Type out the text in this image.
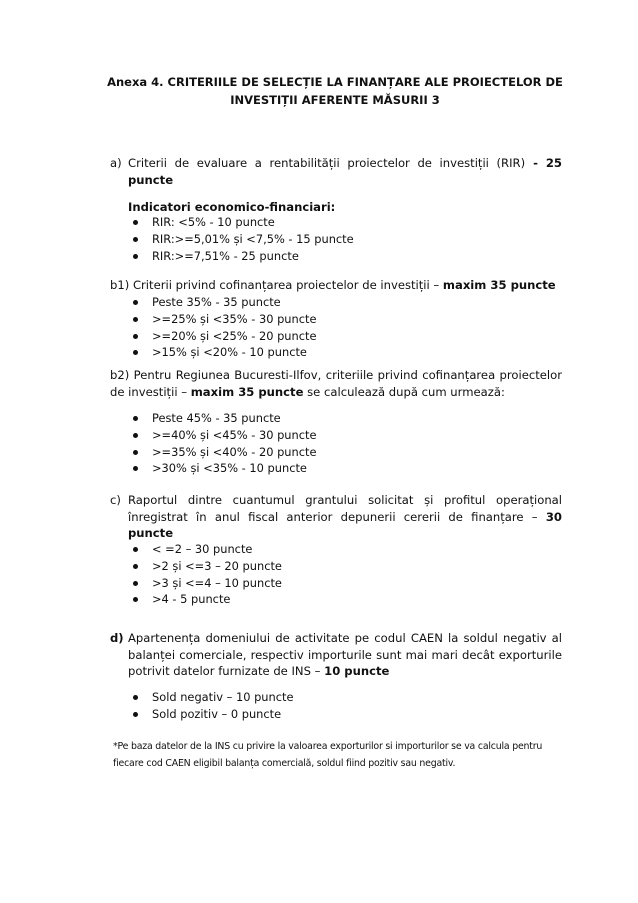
Anexa 4. CRITERIILE DE SELECȚIE LA FINANȚARE ALE PROIECTELOR DE
INVESTIȚII AFERENTE MĂSURII 3
a) Criterii de evaluare a rentabilității proiectelor de investiții (RIR) - 25 puncte
Indicatori economico-financiari:
RIR: <5% - 10 puncte
RIR:>=5,01% și <7,5% - 15 puncte
RIR:>=7,51% - 25 puncte
b1) Criterii privind cofinanțarea proiectelor de investiții – maxim 35 puncte
Peste 35% - 35 puncte
>=25% și <35% - 30 puncte
>=20% și <25% - 20 puncte
>15% și <20% - 10 puncte
b2) Pentru Regiunea Bucuresti-Ilfov, criteriile privind cofinanțarea proiectelor de investiții – maxim 35 puncte se calculează după cum urmează:
Peste 45% - 35 puncte
>=40% și <45% - 30 puncte
>=35% și <40% - 20 puncte
>30% și <35% - 10 puncte
c) Raportul dintre cuantumul grantului solicitat și profitul operațional înregistrat în anul fiscal anterior depunerii cererii de finanțare – 30 puncte
< =2 – 30 puncte
>2 și <=3 – 20 puncte
>3 și <=4 – 10 puncte
>4 - 5 puncte
d) Apartenența domeniului de activitate pe codul CAEN la soldul negativ al balanței comerciale, respectiv importurile sunt mai mari decât exporturile potrivit datelor furnizate de INS – 10 puncte
Sold negativ – 10 puncte
Sold pozitiv – 0 puncte
*Pe baza datelor de la INS cu privire la valoarea exporturilor si importurilor se va calcula pentru fiecare cod CAEN eligibil balanța comercială, soldul fiind pozitiv sau negativ.
